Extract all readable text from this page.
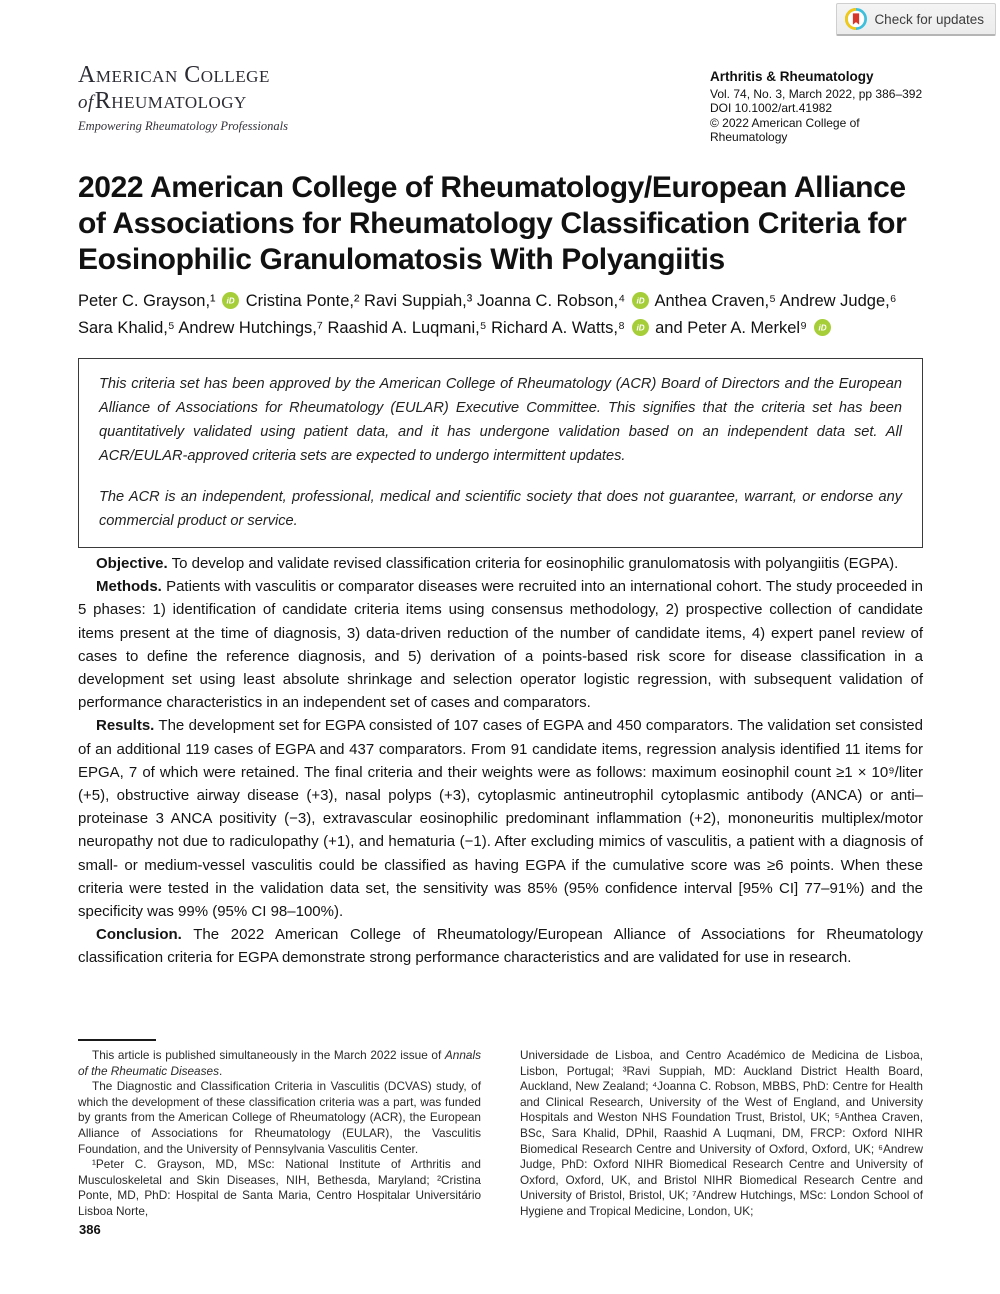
Check for updates
American College
ofRheumatology
Empowering Rheumatology Professionals
Arthritis & Rheumatology
Vol. 74, No. 3, March 2022, pp 386–392
DOI 10.1002/art.41982
© 2022 American College of Rheumatology
2022 American College of Rheumatology/European Alliance of Associations for Rheumatology Classification Criteria for Eosinophilic Granulomatosis With Polyangiitis

Peter C. Grayson,¹ iD Cristina Ponte,² Ravi Suppiah,³ Joanna C. Robson,⁴ iD Anthea Craven,⁵ Andrew Judge,⁶ Sara Khalid,⁵ Andrew Hutchings,⁷ Raashid A. Luqmani,⁵ Richard A. Watts,⁸ iD and Peter A. Merkel⁹ iD

This criteria set has been approved by the American College of Rheumatology (ACR) Board of Directors and the European Alliance of Associations for Rheumatology (EULAR) Executive Committee. This signifies that the criteria set has been quantitatively validated using patient data, and it has undergone validation based on an independent data set. All ACR/EULAR-approved criteria sets are expected to undergo intermittent updates.

The ACR is an independent, professional, medical and scientific society that does not guarantee, warrant, or endorse any commercial product or service.

Objective. To develop and validate revised classification criteria for eosinophilic granulomatosis with polyangiitis (EGPA).

Methods. Patients with vasculitis or comparator diseases were recruited into an international cohort. The study proceeded in 5 phases: 1) identification of candidate criteria items using consensus methodology, 2) prospective collection of candidate items present at the time of diagnosis, 3) data-driven reduction of the number of candidate items, 4) expert panel review of cases to define the reference diagnosis, and 5) derivation of a points-based risk score for disease classification in a development set using least absolute shrinkage and selection operator logistic regression, with subsequent validation of performance characteristics in an independent set of cases and comparators.

Results. The development set for EGPA consisted of 107 cases of EGPA and 450 comparators. The validation set consisted of an additional 119 cases of EGPA and 437 comparators. From 91 candidate items, regression analysis identified 11 items for EPGA, 7 of which were retained. The final criteria and their weights were as follows: maximum eosinophil count ≥1 × 10⁹/liter (+5), obstructive airway disease (+3), nasal polyps (+3), cytoplasmic antineutrophil cytoplasmic antibody (ANCA) or anti–proteinase 3 ANCA positivity (−3), extravascular eosinophilic predominant inflammation (+2), mononeuritis multiplex/motor neuropathy not due to radiculopathy (+1), and hematuria (−1). After excluding mimics of vasculitis, a patient with a diagnosis of small- or medium-vessel vasculitis could be classified as having EGPA if the cumulative score was ≥6 points. When these criteria were tested in the validation data set, the sensitivity was 85% (95% confidence interval [95% CI] 77–91%) and the specificity was 99% (95% CI 98–100%).

Conclusion. The 2022 American College of Rheumatology/European Alliance of Associations for Rheumatology classification criteria for EGPA demonstrate strong performance characteristics and are validated for use in research.

This article is published simultaneously in the March 2022 issue of Annals of the Rheumatic Diseases.

The Diagnostic and Classification Criteria in Vasculitis (DCVAS) study, of which the development of these classification criteria was a part, was funded by grants from the American College of Rheumatology (ACR), the European Alliance of Associations for Rheumatology (EULAR), the Vasculitis Foundation, and the University of Pennsylvania Vasculitis Center.

¹Peter C. Grayson, MD, MSc: National Institute of Arthritis and Musculoskeletal and Skin Diseases, NIH, Bethesda, Maryland; ²Cristina Ponte, MD, PhD: Hospital de Santa Maria, Centro Hospitalar Universitário Lisboa Norte,

Universidade de Lisboa, and Centro Académico de Medicina de Lisboa, Lisbon, Portugal; ³Ravi Suppiah, MD: Auckland District Health Board, Auckland, New Zealand; ⁴Joanna C. Robson, MBBS, PhD: Centre for Health and Clinical Research, University of the West of England, and University Hospitals and Weston NHS Foundation Trust, Bristol, UK; ⁵Anthea Craven, BSc, Sara Khalid, DPhil, Raashid A Luqmani, DM, FRCP: Oxford NIHR Biomedical Research Centre and University of Oxford, Oxford, UK; ⁶Andrew Judge, PhD: Oxford NIHR Biomedical Research Centre and University of Oxford, Oxford, UK, and Bristol NIHR Biomedical Research Centre and University of Bristol, Bristol, UK; ⁷Andrew Hutchings, MSc: London School of Hygiene and Tropical Medicine, London, UK;

386
